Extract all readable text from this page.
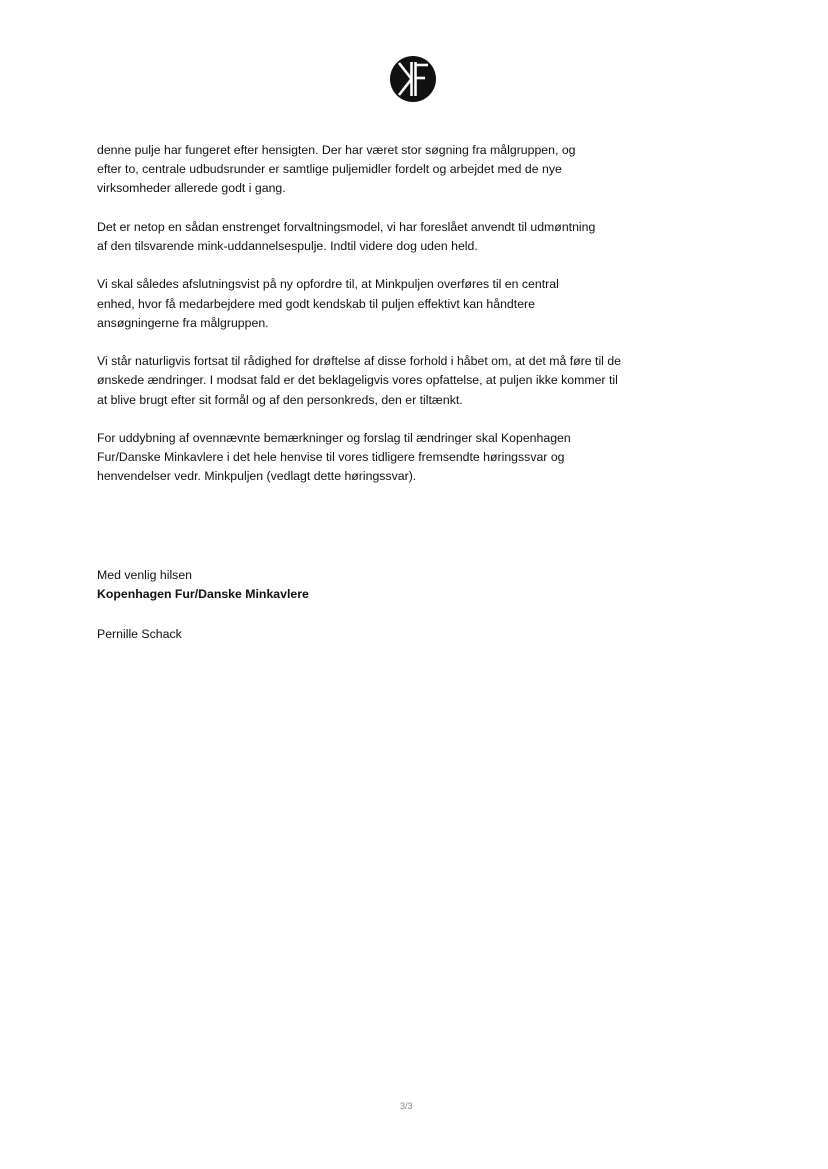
denne pulje har fungeret efter hensigten. Der har været stor søgning fra målgruppen, og
efter to, centrale udbudsrunder er samtlige puljemidler fordelt og arbejdet med de nye
virksomheder allerede godt i gang.

Det er netop en sådan enstrenget forvaltningsmodel, vi har foreslået anvendt til udmøntning
af den tilsvarende mink-uddannelsespulje. Indtil videre dog uden held.

Vi skal således afslutningsvist på ny opfordre til, at Minkpuljen overføres til en central
enhed, hvor få medarbejdere med godt kendskab til puljen effektivt kan håndtere
ansøgningerne fra målgruppen.

Vi står naturligvis fortsat til rådighed for drøftelse af disse forhold i håbet om, at det må føre til de
ønskede ændringer. I modsat fald er det beklageligvis vores opfattelse, at puljen ikke kommer til
at blive brugt efter sit formål og af den personkreds, den er tiltænkt.

For uddybning af ovennævnte bemærkninger og forslag til ændringer skal Kopenhagen
Fur/Danske Minkavlere i det hele henvise til vores tidligere fremsendte høringssvar og
henvendelser vedr. Minkpuljen (vedlagt dette høringssvar).

Med venlig hilsen
Kopenhagen Fur/Danske Minkavlere
Pernille Schack
3/3
